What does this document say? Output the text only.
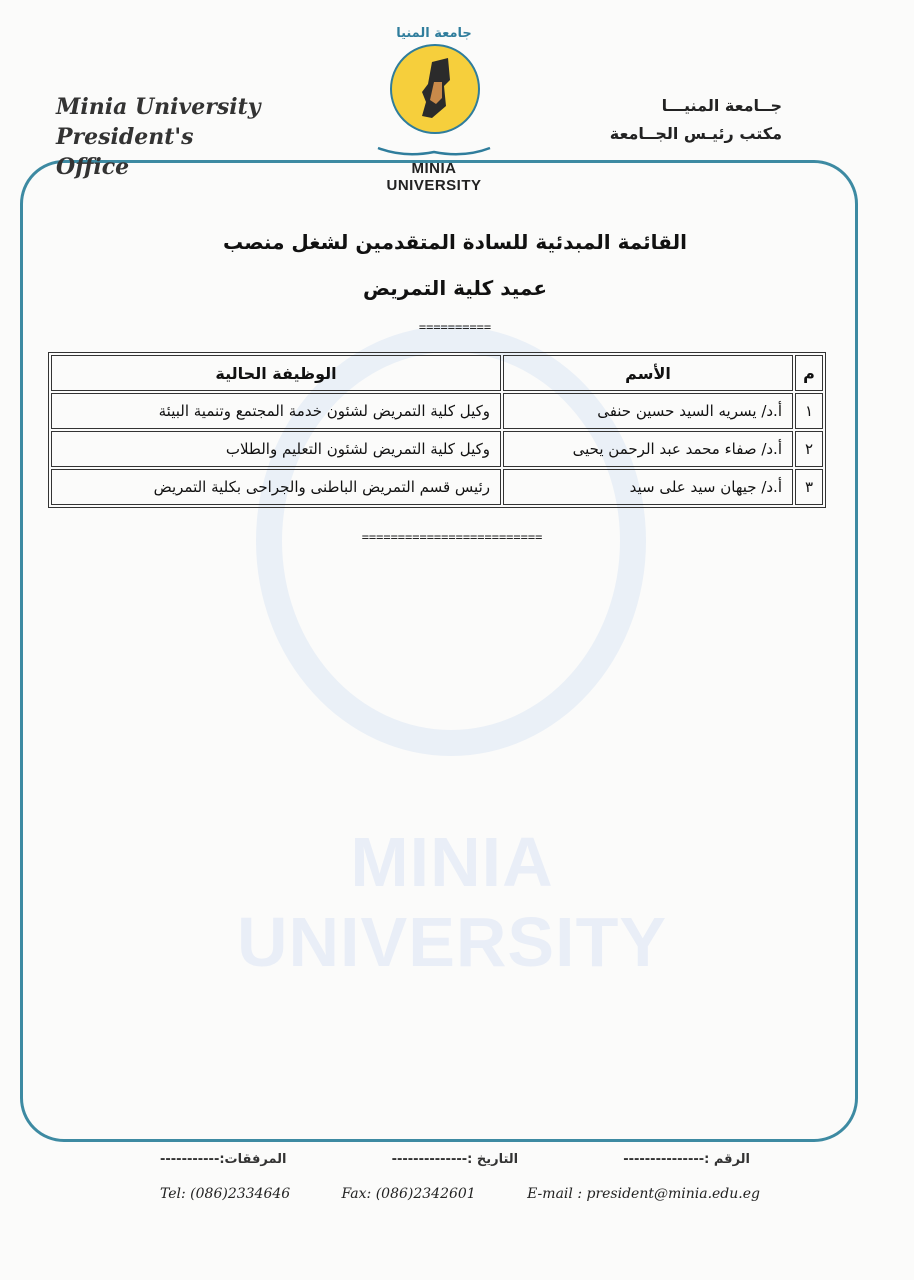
MINIA UNIVERSITY
Minia University
President's Office
جامعة المنيا
MINIA UNIVERSITY
جــامعة المنيـــا
مكتب رئيـس الجــامعة
القائمة المبدئية للسادة المتقدمين لشغل منصب
عميد كلية التمريض
==========
م	الأسم	الوظيفة الحالية
١	أ.د/ يسريه السيد حسين حنفى	وكيل كلية التمريض لشئون خدمة المجتمع وتنمية البيئة
٢	أ.د/ صفاء محمد عبد الرحمن يحيى	وكيل كلية التمريض لشئون التعليم والطلاب
٣	أ.د/ جيهان سيد على سيد	رئيس قسم التمريض الباطنى والجراحى بكلية التمريض
=========================
الرقم :---------------
التاريخ :--------------
المرفقات:-----------
Tel: (086)2334646	Fax: (086)2342601	E-mail : president@minia.edu.eg
